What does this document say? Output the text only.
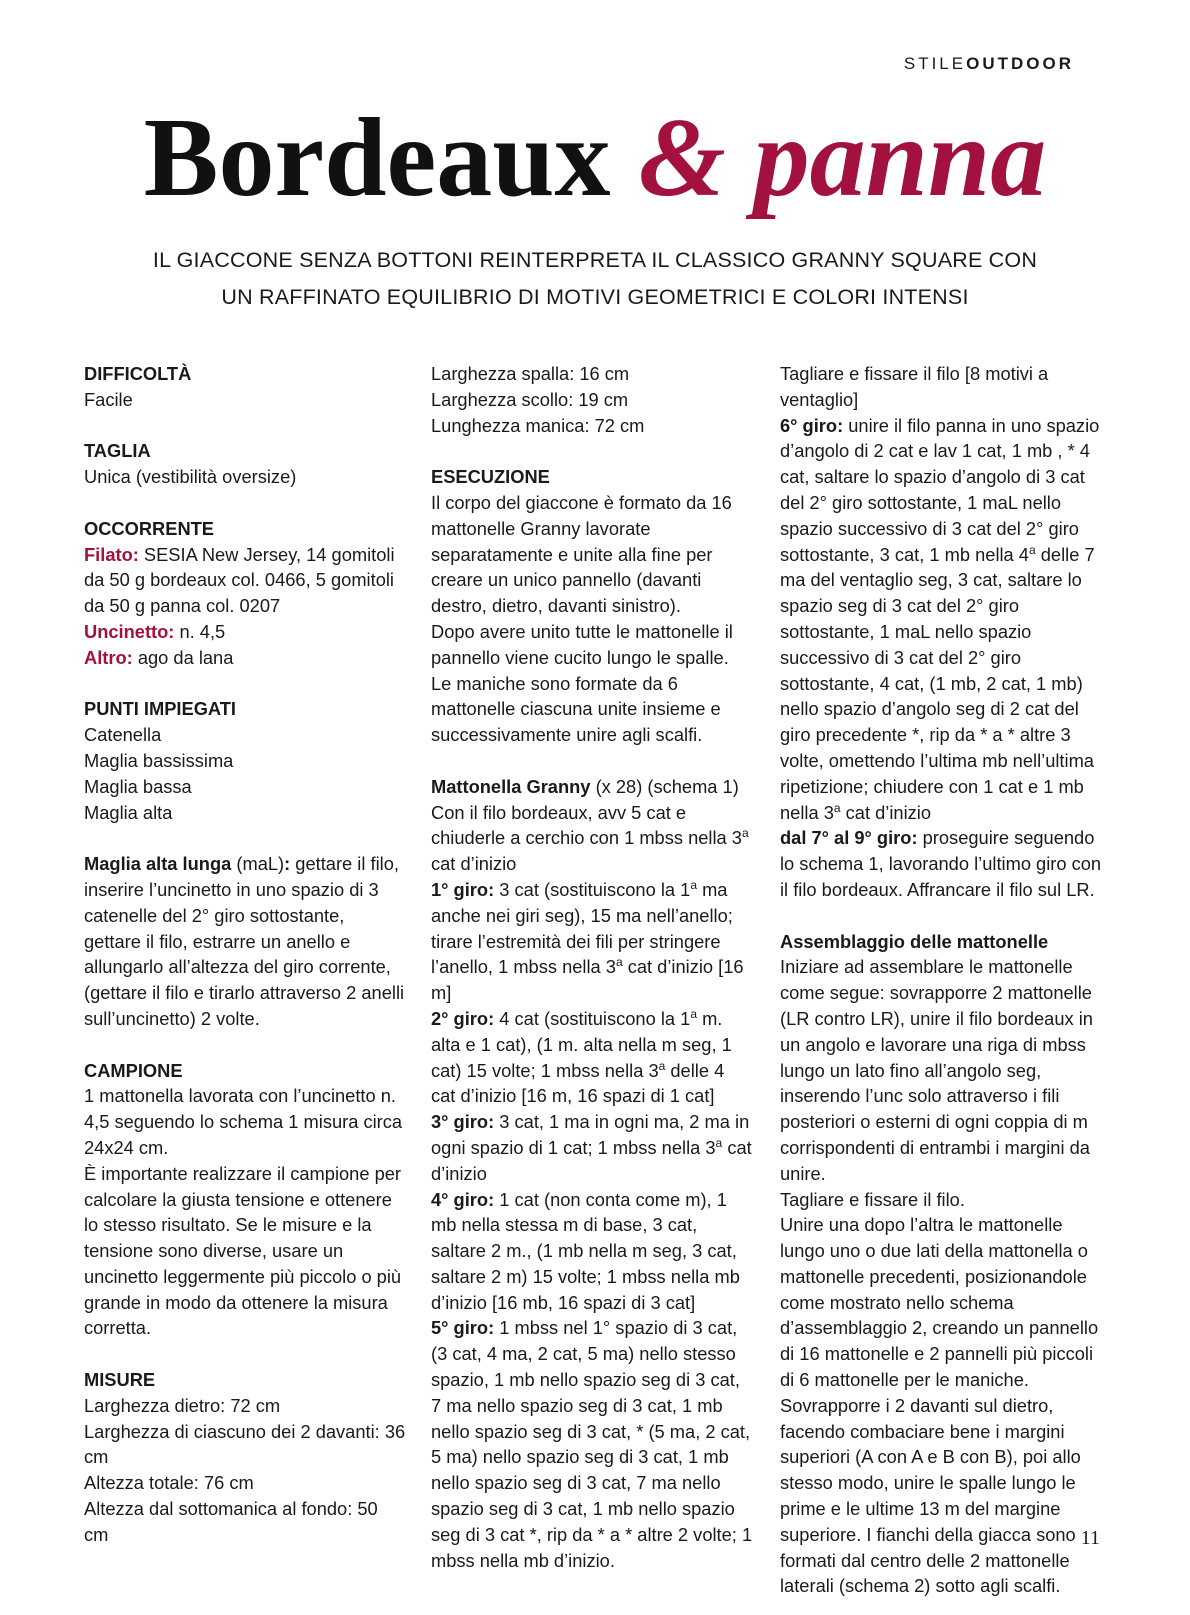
STILEOUTDOOR
Bordeaux & panna
IL GIACCONE SENZA BOTTONI REINTERPRETA IL CLASSICO GRANNY SQUARE CON
UN RAFFINATO EQUILIBRIO DI MOTIVI GEOMETRICI E COLORI INTENSI

DIFFICOLTÀ

Facile

TAGLIA

Unica (vestibilità oversize)

OCCORRENTE

Filato: SESIA New Jersey, 14 gomitoli da 50 g bordeaux col. 0466, 5 gomitoli da 50 g panna col. 0207

Uncinetto: n. 4,5

Altro: ago da lana

PUNTI IMPIEGATI

Catenella

Maglia bassissima

Maglia bassa

Maglia alta

Maglia alta lunga (maL): gettare il filo, inserire l’uncinetto in uno spazio di 3 catenelle del 2° giro sottostante, gettare il filo, estrarre un anello e allungarlo all’altezza del giro corrente, (gettare il filo e tirarlo attraverso 2 anelli sull’uncinetto) 2 volte.

CAMPIONE

1 mattonella lavorata con l’uncinetto n. 4,5 seguendo lo schema 1 misura circa 24x24 cm.

È importante realizzare il campione per calcolare la giusta tensione e ottenere lo stesso risultato. Se le misure e la tensione sono diverse, usare un uncinetto leggermente più piccolo o più grande in modo da ottenere la misura corretta.

MISURE

Larghezza dietro: 72 cm

Larghezza di ciascuno dei 2 davanti: 36 cm

Altezza totale: 76 cm

Altezza dal sottomanica al fondo: 50 cm

Larghezza spalla: 16 cm

Larghezza scollo: 19 cm

Lunghezza manica: 72 cm

ESECUZIONE

Il corpo del giaccone è formato da 16 mattonelle Granny lavorate separatamente e unite alla fine per creare un unico pannello (davanti destro, dietro, davanti sinistro).

Dopo avere unito tutte le mattonelle il pannello viene cucito lungo le spalle.

Le maniche sono formate da 6 mattonelle ciascuna unite insieme e successivamente unire agli scalfi.

Mattonella Granny (x 28) (schema 1)

Con il filo bordeaux, avv 5 cat e chiuderle a cerchio con 1 mbss nella 3$^a$ cat d’inizio

1° giro: 3 cat (sostituiscono la 1$^a$ ma anche nei giri seg), 15 ma nell’anello; tirare l’estremità dei fili per stringere l’anello, 1 mbss nella 3$^a$ cat d’inizio [16 m]

2° giro: 4 cat (sostituiscono la 1$^a$ m. alta e 1 cat), (1 m. alta nella m seg, 1 cat) 15 volte; 1 mbss nella 3$^a$ delle 4 cat d’inizio [16 m, 16 spazi di 1 cat]

3° giro: 3 cat, 1 ma in ogni ma, 2 ma in ogni spazio di 1 cat; 1 mbss nella 3$^a$ cat d’inizio

4° giro: 1 cat (non conta come m), 1 mb nella stessa m di base, 3 cat, saltare 2 m., (1 mb nella m seg, 3 cat, saltare 2 m) 15 volte; 1 mbss nella mb d’inizio [16 mb, 16 spazi di 3 cat]

5° giro: 1 mbss nel 1° spazio di 3 cat, (3 cat, 4 ma, 2 cat, 5 ma) nello stesso spazio, 1 mb nello spazio seg di 3 cat, 7 ma nello spazio seg di 3 cat, 1 mb nello spazio seg di 3 cat, * (5 ma, 2 cat, 5 ma) nello spazio seg di 3 cat, 1 mb nello spazio seg di 3 cat, 7 ma nello spazio seg di 3 cat, 1 mb nello spazio seg di 3 cat *, rip da * a * altre 2 volte; 1 mbss nella mb d’inizio.

Tagliare e fissare il filo [8 motivi a ventaglio]

6° giro: unire il filo panna in uno spazio d’angolo di 2 cat e lav 1 cat, 1 mb , * 4 cat, saltare lo spazio d’angolo di 3 cat del 2° giro sottostante, 1 maL nello spazio successivo di 3 cat del 2° giro sottostante, 3 cat, 1 mb nella 4$^a$ delle 7 ma del ventaglio seg, 3 cat, saltare lo spazio seg di 3 cat del 2° giro sottostante, 1 maL nello spazio successivo di 3 cat del 2° giro sottostante, 4 cat, (1 mb, 2 cat, 1 mb) nello spazio d’angolo seg di 2 cat del giro precedente *, rip da * a * altre 3 volte, omettendo l’ultima mb nell’ultima ripetizione; chiudere con 1 cat e 1 mb nella 3$^a$ cat d’inizio

dal 7° al 9° giro: proseguire seguendo lo schema 1, lavorando l’ultimo giro con il filo bordeaux. Affrancare il filo sul LR.

Assemblaggio delle mattonelle

Iniziare ad assemblare le mattonelle come segue: sovrapporre 2 mattonelle (LR contro LR), unire il filo bordeaux in un angolo e lavorare una riga di mbss lungo un lato fino all’angolo seg, inserendo l’unc solo attraverso i fili posteriori o esterni di ogni coppia di m corrispondenti di entrambi i margini da unire.

Tagliare e fissare il filo.

Unire una dopo l’altra le mattonelle lungo uno o due lati della mattonella o mattonelle precedenti, posizionandole come mostrato nello schema d’assemblaggio 2, creando un pannello di 16 mattonelle e 2 pannelli più piccoli di 6 mattonelle per le maniche. Sovrapporre i 2 davanti sul dietro, facendo combaciare bene i margini superiori (A con A e B con B), poi allo stesso modo, unire le spalle lungo le prime e le ultime 13 m del margine superiore. I fianchi della giacca sono formati dal centro delle 2 mattonelle laterali (schema 2) sotto agli scalfi.

11
